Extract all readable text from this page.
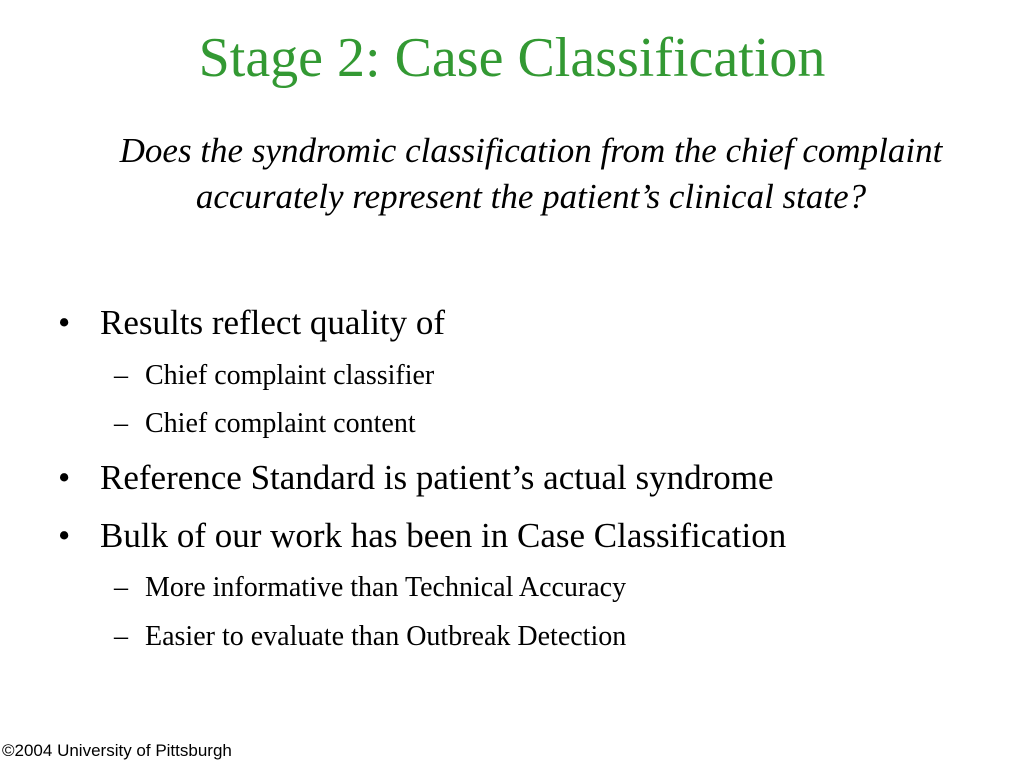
Stage 2: Case Classification
Does the syndromic classification from the chief complaint accurately represent the patient’s clinical state?
• Results reflect quality of
– Chief complaint classifier
– Chief complaint content
• Reference Standard is patient’s actual syndrome
• Bulk of our work has been in Case Classification
– More informative than Technical Accuracy
– Easier to evaluate than Outbreak Detection
©2004 University of Pittsburgh
